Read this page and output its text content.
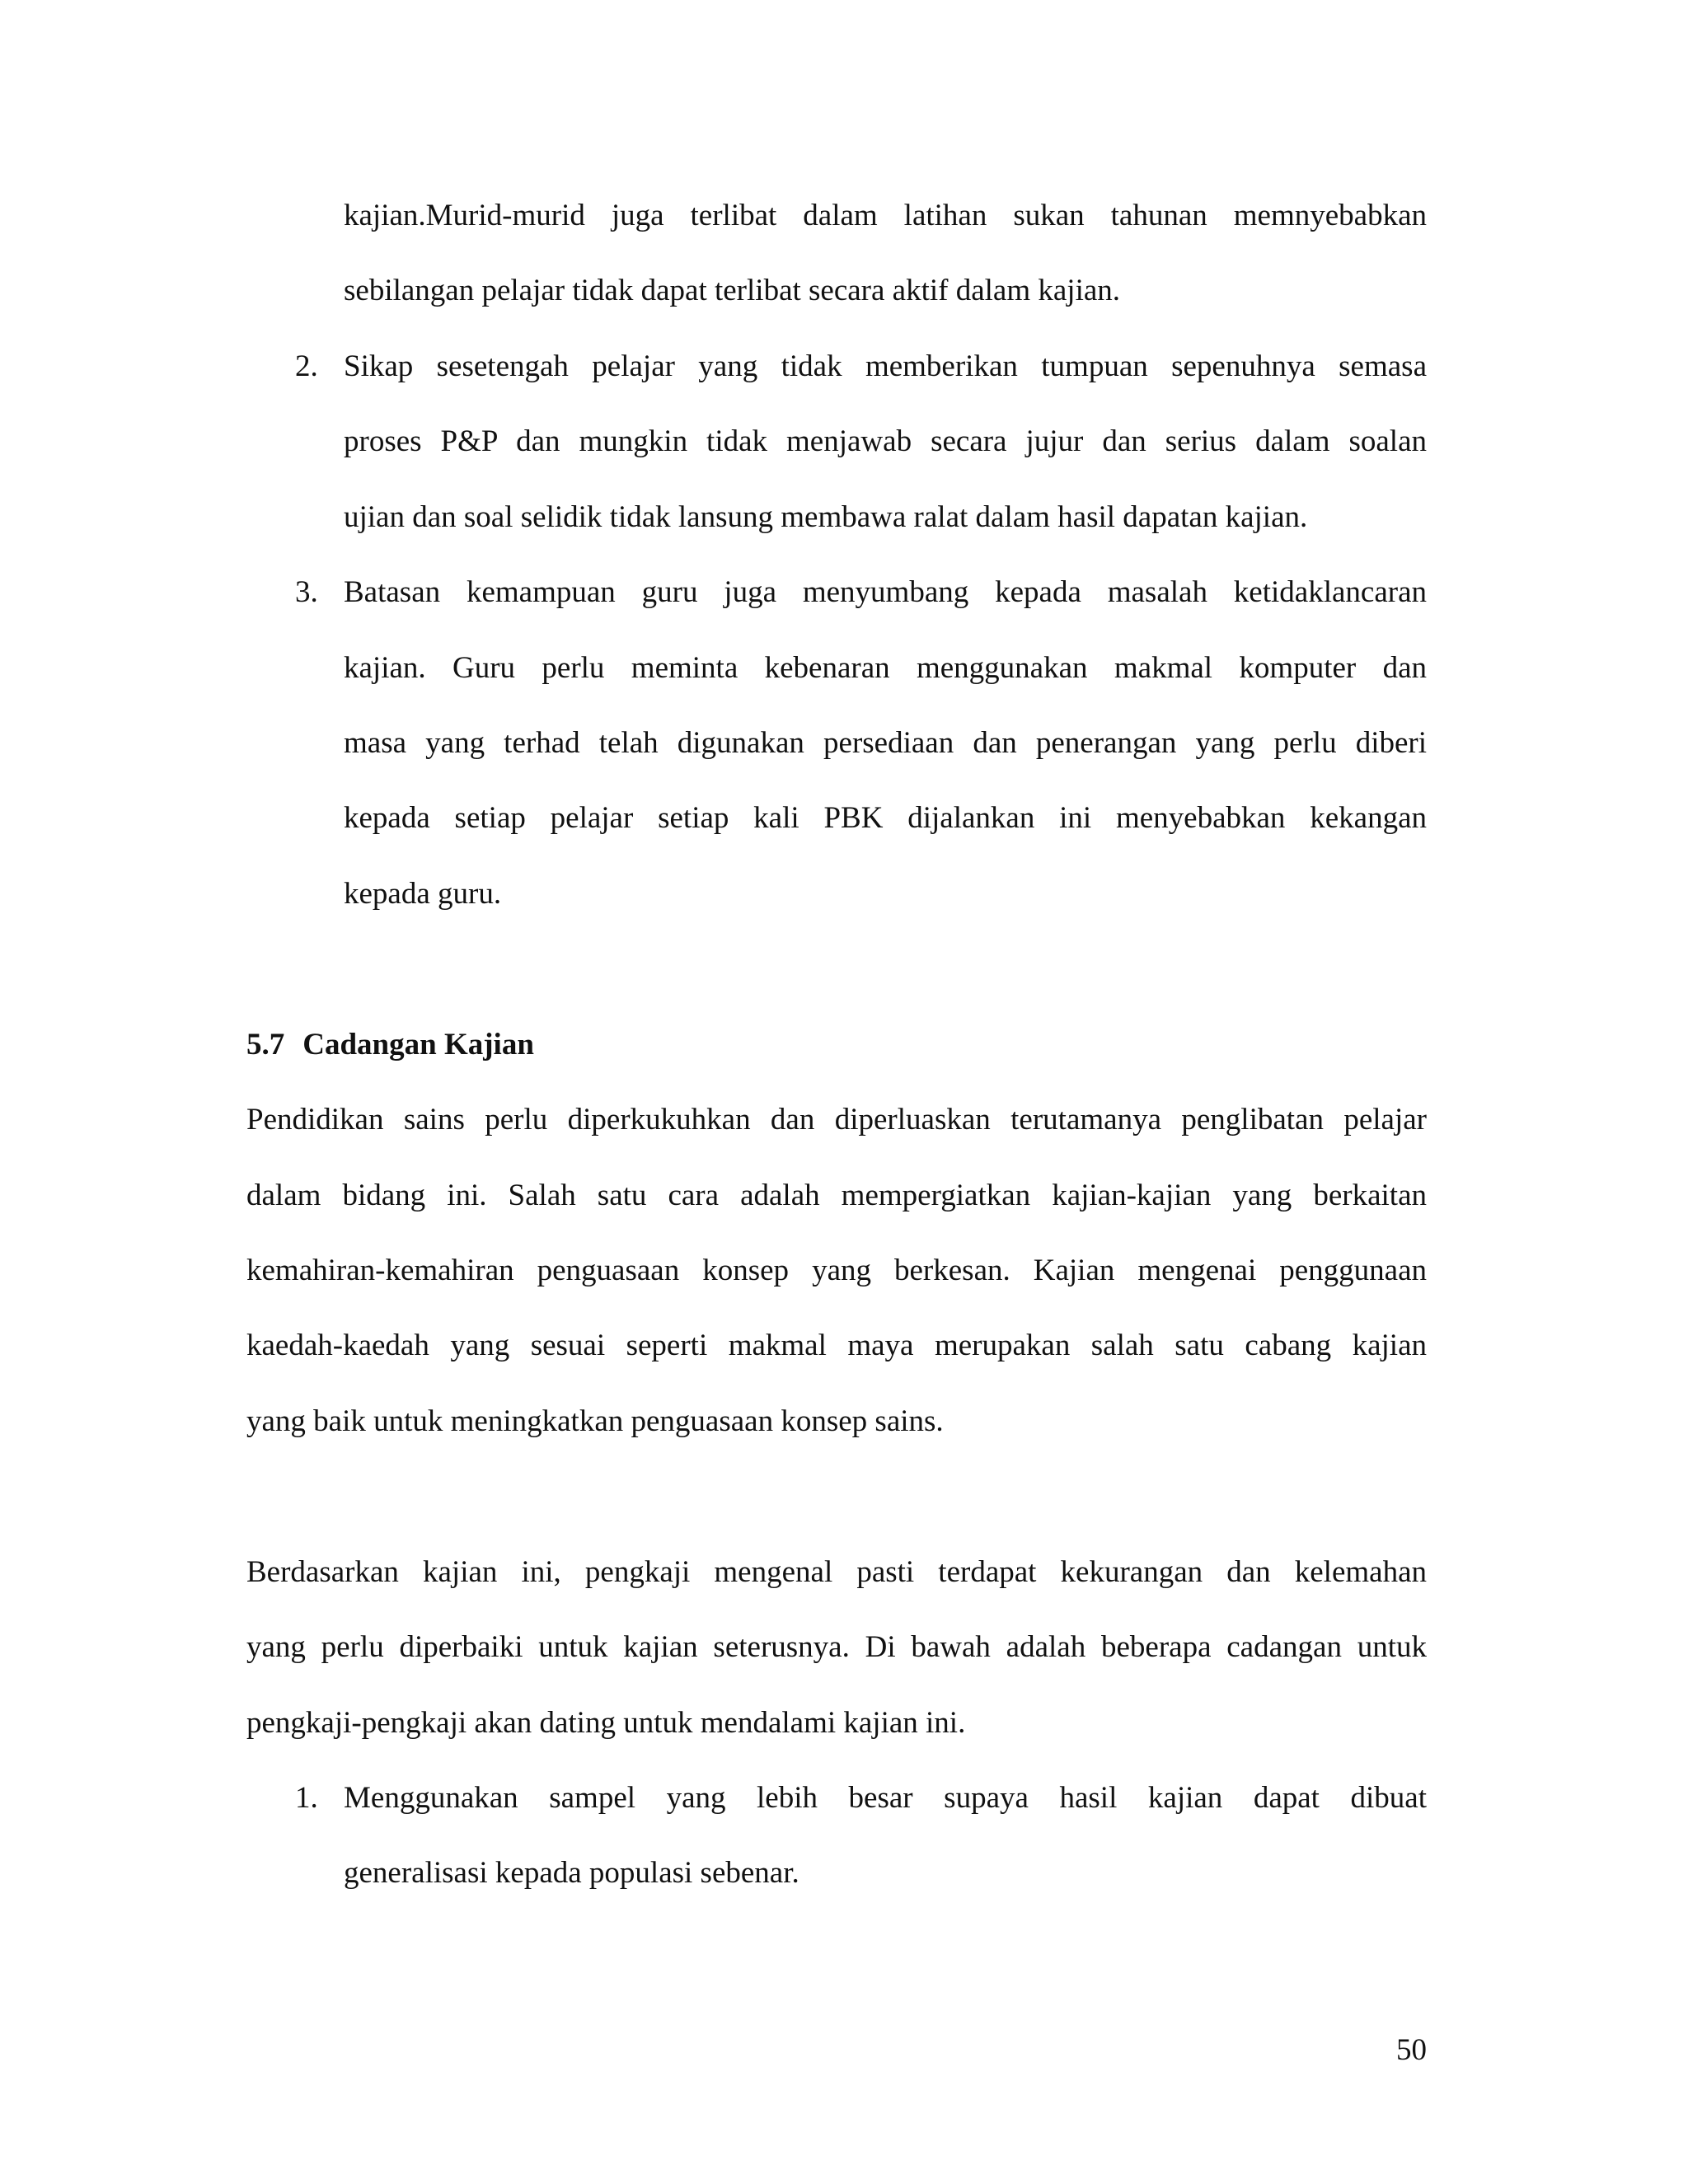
kajian.Murid-murid juga terlibat dalam latihan sukan tahunan memnyebabkan
sebilangan pelajar tidak dapat terlibat secara aktif dalam kajian.
2. Sikap sesetengah pelajar yang tidak memberikan tumpuan sepenuhnya semasa
proses P&P dan mungkin tidak menjawab secara jujur dan serius dalam soalan
ujian dan soal selidik tidak lansung membawa ralat dalam hasil dapatan kajian.
3. Batasan kemampuan guru juga menyumbang kepada masalah ketidaklancaran
kajian. Guru perlu meminta kebenaran menggunakan makmal komputer dan
masa yang terhad telah digunakan persediaan dan penerangan yang perlu diberi
kepada setiap pelajar setiap kali PBK dijalankan ini menyebabkan kekangan
kepada guru.
5.7 Cadangan Kajian
Pendidikan sains perlu diperkukuhkan dan diperluaskan terutamanya penglibatan pelajar
dalam bidang ini. Salah satu cara adalah mempergiatkan kajian-kajian yang berkaitan
kemahiran-kemahiran penguasaan konsep yang berkesan. Kajian mengenai penggunaan
kaedah-kaedah yang sesuai seperti makmal maya merupakan salah satu cabang kajian
yang baik untuk meningkatkan penguasaan konsep sains.
Berdasarkan kajian ini, pengkaji mengenal pasti terdapat kekurangan dan kelemahan
yang perlu diperbaiki untuk kajian seterusnya. Di bawah adalah beberapa cadangan untuk
pengkaji-pengkaji akan dating untuk mendalami kajian ini.
1. Menggunakan sampel yang lebih besar supaya hasil kajian dapat dibuat
generalisasi kepada populasi sebenar.
50
